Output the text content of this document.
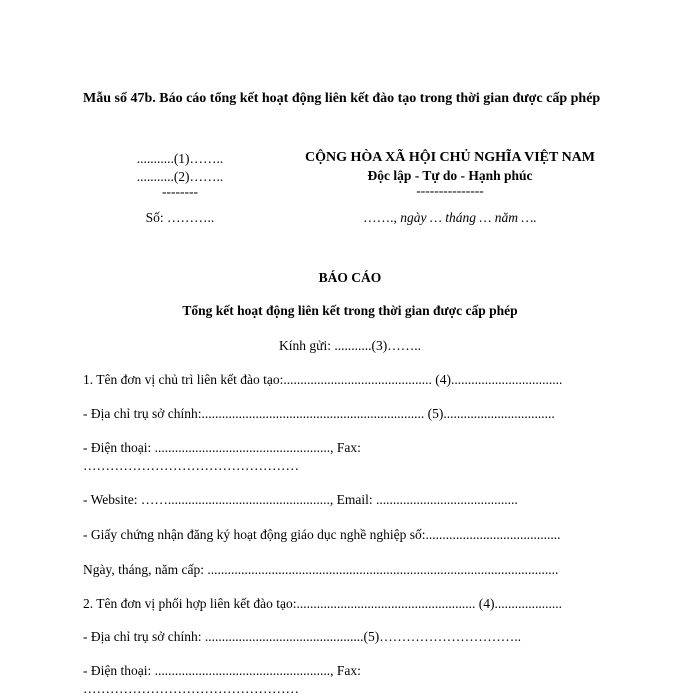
Mẫu số 47b. Báo cáo tổng kết hoạt động liên kết đào tạo trong thời gian được cấp phép
...........(1)……..
...........(2)……..
--------
Số: ………..
CỘNG HÒA XÃ HỘI CHỦ NGHĨA VIỆT NAM
Độc lập - Tự do - Hạnh phúc
---------------
……., ngày … tháng … năm ….
BÁO CÁO
Tổng kết hoạt động liên kết trong thời gian được cấp phép
Kính gửi: ...........(3)……..
1. Tên đơn vị chủ trì liên kết đào tạo:............................................ (4).................................
- Địa chỉ trụ sở chính:.................................................................. (5).................................
- Điện thoại: ...................................................., Fax:
…………………………………………
- Website: ……................................................, Email: ..........................................
- Giấy chứng nhận đăng ký hoạt động giáo dục nghề nghiệp số:........................................
Ngày, tháng, năm cấp: ........................................................................................................
2. Tên đơn vị phối hợp liên kết đào tạo:..................................................... (4)....................
- Địa chỉ trụ sở chính: ...............................................(5)…………………………..
- Điện thoại: ...................................................., Fax:
…………………………………………
